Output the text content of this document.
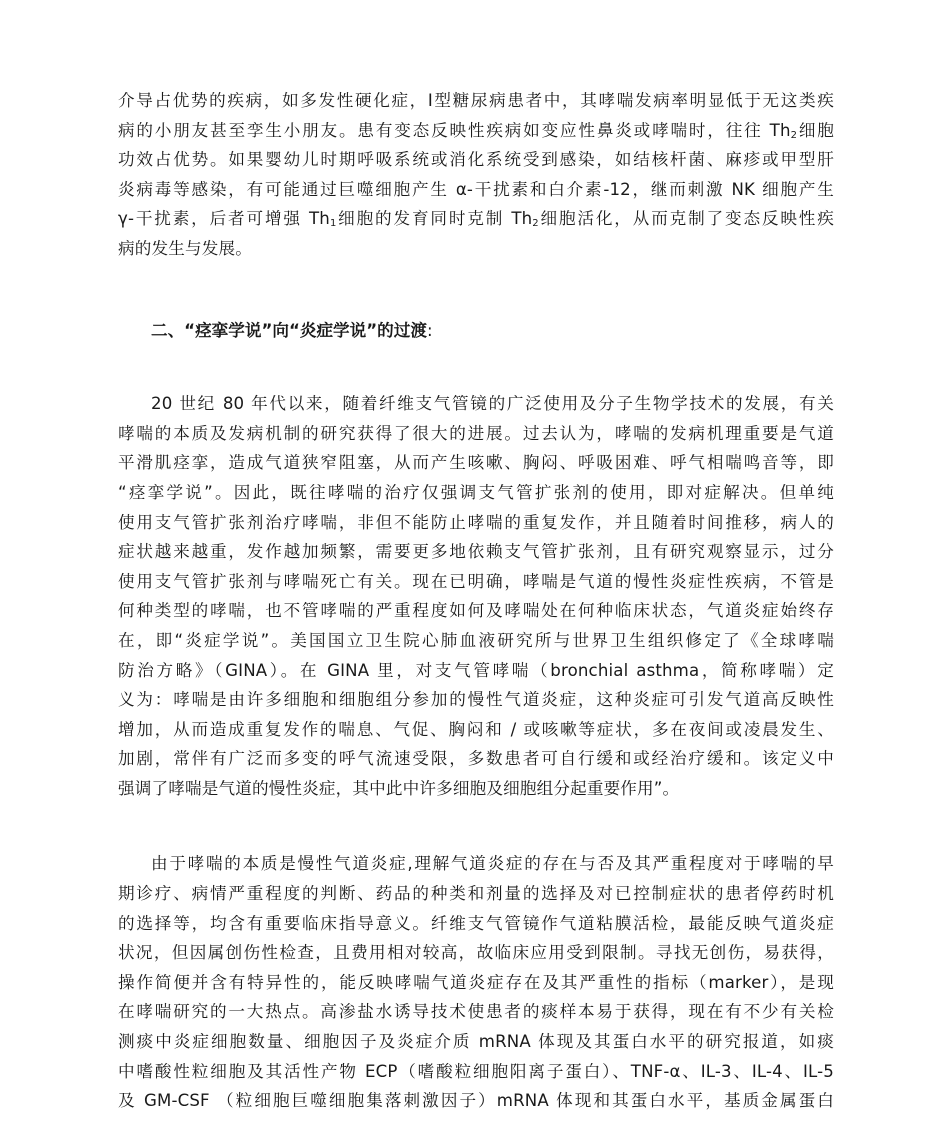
介导占优势的疾病，如多发性硬化症，I型糖尿病患者中，其哮喘发病率明显低于无这类疾
病的小朋友甚至孪生小朋友。患有变态反映性疾病如变应性鼻炎或哮喘时，往往 $Th_2$细胞
功效占优势。如果婴幼儿时期呼吸系统或消化系统受到感染，如结核杆菌、麻疹或甲型肝
炎病毒等感染，有可能通过巨噬细胞产生 α-干扰素和白介素-12，继而刺激 NK 细胞产生
γ-干扰素，后者可增强 $Th_1$细胞的发育同时克制 $Th_2$细胞活化，从而克制了变态反映性疾
病的发生与发展。

二、“痉挛学说”向“炎症学说”的过渡:

20 世纪 80 年代以来，随着纤维支气管镜的广泛使用及分子生物学技术的发展，有关
哮喘的本质及发病机制的研究获得了很大的进展。过去认为，哮喘的发病机理重要是气道
平滑肌痉挛，造成气道狭窄阻塞，从而产生咳嗽、胸闷、呼吸困难、呼气相喘鸣音等，即
“痉挛学说”。因此，既往哮喘的治疗仅强调支气管扩张剂的使用，即对症解决。但单纯
使用支气管扩张剂治疗哮喘，非但不能防止哮喘的重复发作，并且随着时间推移，病人的
症状越来越重，发作越加频繁，需要更多地依赖支气管扩张剂，且有研究观察显示，过分
使用支气管扩张剂与哮喘死亡有关。现在已明确，哮喘是气道的慢性炎症性疾病，不管是
何种类型的哮喘，也不管哮喘的严重程度如何及哮喘处在何种临床状态，气道炎症始终存
在，即“炎症学说”。美国国立卫生院心肺血液研究所与世界卫生组织修定了《全球哮喘
防治方略》（GINA）。在 GINA 里，对支气管哮喘（bronchial asthma，简称哮喘）定
义为：哮喘是由许多细胞和细胞组分参加的慢性气道炎症，这种炎症可引发气道高反映性
增加，从而造成重复发作的喘息、气促、胸闷和 / 或咳嗽等症状，多在夜间或凌晨发生、
加剧，常伴有广泛而多变的呼气流速受限，多数患者可自行缓和或经治疗缓和。该定义中
强调了哮喘是气道的慢性炎症，其中此中许多细胞及细胞组分起重要作用”。

由于哮喘的本质是慢性气道炎症,理解气道炎症的存在与否及其严重程度对于哮喘的早
期诊疗、病情严重程度的判断、药品的种类和剂量的选择及对已控制症状的患者停药时机
的选择等，均含有重要临床指导意义。纤维支气管镜作气道粘膜活检，最能反映气道炎症
状况，但因属创伤性检查，且费用相对较高，故临床应用受到限制。寻找无创伤，易获得，
操作简便并含有特异性的，能反映哮喘气道炎症存在及其严重性的指标（marker），是现
在哮喘研究的一大热点。高渗盐水诱导技术使患者的痰样本易于获得，现在有不少有关检
测痰中炎症细胞数量、细胞因子及炎症介质 mRNA 体现及其蛋白水平的研究报道，如痰
中嗜酸性粒细胞及其活性产物 ECP（嗜酸粒细胞阳离子蛋白）、TNF-α、IL-3、IL-4、IL-5
及 GM-CSF （粒细胞巨噬细胞集落刺激因子）mRNA 体现和其蛋白水平，基质金属蛋白
